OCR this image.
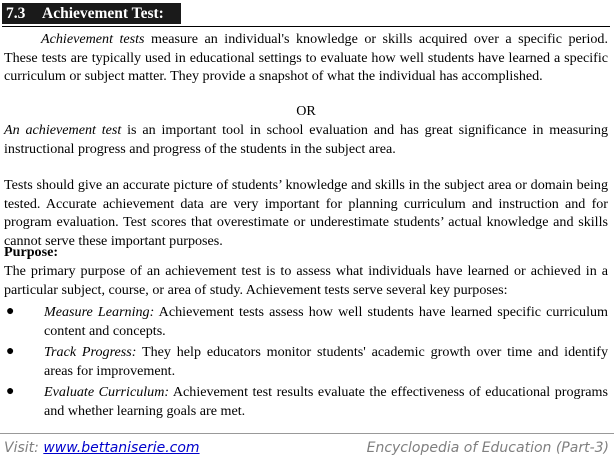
7.3 Achievement Test:
Achievement tests measure an individual's knowledge or skills acquired over a specific period. These tests are typically used in educational settings to evaluate how well students have learned a specific curriculum or subject matter. They provide a snapshot of what the individual has accomplished.
OR
An achievement test is an important tool in school evaluation and has great significance in measuring instructional progress and progress of the students in the subject area.
Tests should give an accurate picture of students’ knowledge and skills in the subject area or domain being tested. Accurate achievement data are very important for planning curriculum and instruction and for program evaluation. Test scores that overestimate or underestimate students’ actual knowledge and skills cannot serve these important purposes.
Purpose:
The primary purpose of an achievement test is to assess what individuals have learned or achieved in a particular subject, course, or area of study. Achievement tests serve several key purposes:
● Measure Learning: Achievement tests assess how well students have learned specific curriculum content and concepts.
● Track Progress: They help educators monitor students' academic growth over time and identify areas for improvement.
● Evaluate Curriculum: Achievement test results evaluate the effectiveness of educational programs and whether learning goals are met.
Visit: www.bettaniserie.com	Encyclopedia of Education (Part-3)
